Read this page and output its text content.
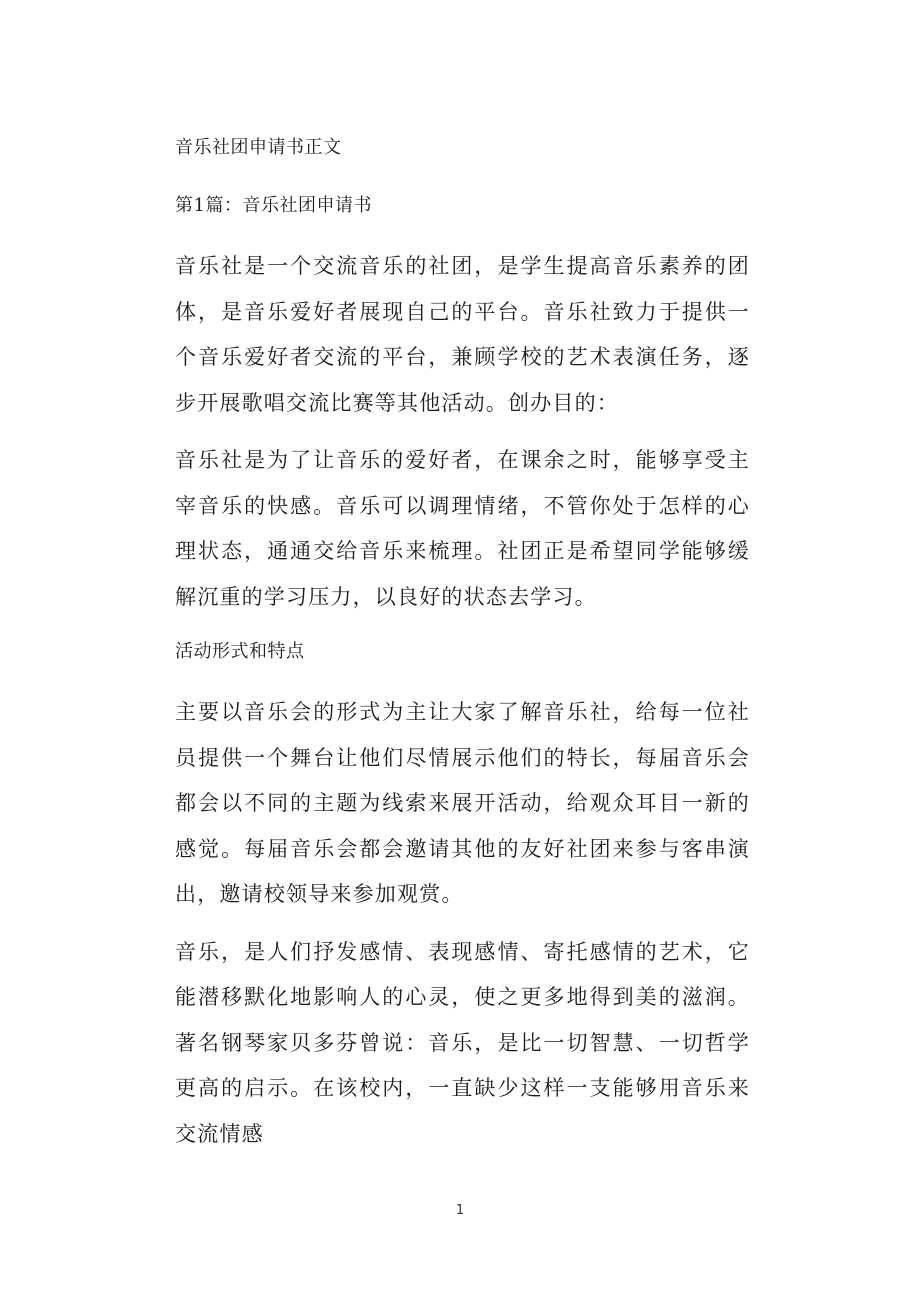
音乐社团申请书正文

第1篇：音乐社团申请书

音乐社是一个交流音乐的社团，是学生提高音乐素养的团体，是音乐爱好者展现自己的平台。音乐社致力于提供一个音乐爱好者交流的平台，兼顾学校的艺术表演任务，逐步开展歌唱交流比赛等其他活动。创办目的：

音乐社是为了让音乐的爱好者，在课余之时，能够享受主宰音乐的快感。音乐可以调理情绪，不管你处于怎样的心理状态，通通交给音乐来梳理。社团正是希望同学能够缓解沉重的学习压力，以良好的状态去学习。

活动形式和特点

主要以音乐会的形式为主让大家了解音乐社，给每一位社员提供一个舞台让他们尽情展示他们的特长，每届音乐会都会以不同的主题为线索来展开活动，给观众耳目一新的感觉。每届音乐会都会邀请其他的友好社团来参与客串演出，邀请校领导来参加观赏。

音乐，是人们抒发感情、表现感情、寄托感情的艺术，它能潜移默化地影响人的心灵，使之更多地得到美的滋润。著名钢琴家贝多芬曾说：音乐，是比一切智慧、一切哲学更高的启示。在该校内，一直缺少这样一支能够用音乐来交流情感

1
